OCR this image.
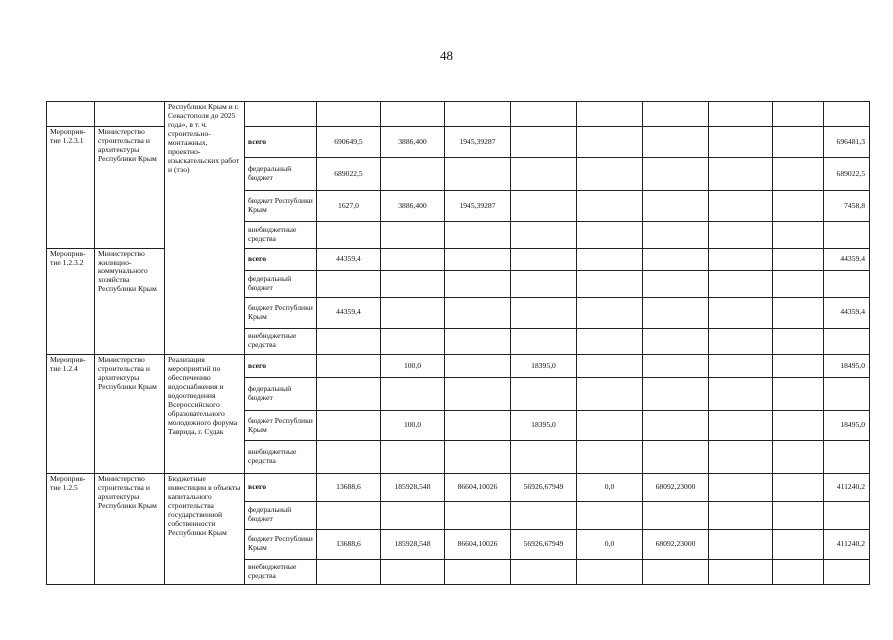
48
		Республики Крым и г. Севастополя до 2025 года», в т. ч. строительно- монтажных, проектно- изыскательских работ и (тэо)										
Мероприя- тие 1.2.3.1	Министерство строительства и архитектуры Республики Крым		всего	690649,5	3886,400	1945,39287						696481,3
			федеральный бюджет	689022,5								689022,5
			бюджет Республики Крым	1627,0	3886,400	1945,39287						7458,8
			внебюджетные средства									
Мероприя- тие 1.2.3.2	Министерство жилищно- коммунального хозяйства Республики Крым		всего	44359,4								44359,4
			федеральный бюджет									
			бюджет Республики Крым	44359,4								44359,4
			внебюджетные средства									
Мероприя- тие 1.2.4	Министерство строительства и архитектуры Республики Крым	Реализация мероприятий по обеспечению водоснабжения и водоотведения Всероссийского образовательного молодежного форума Таврида, г. Судак	всего		100,0		18395,0					18495,0
			федеральный бюджет									
			бюджет Республики Крым		100,0		18395,0					18495,0
			внебюджетные средства									
Мероприя- тие 1.2.5	Министерство строительства и архитектуры Республики Крым	Бюджетные инвестиции в объекты капитального строительства государственной собственности Республики Крым	всего	13688,6	185928,548	86604,10026	56926,67949	0,0	68092,23000			411240,2
			федеральный бюджет									
			бюджет Республики Крым	13688,6	185928,548	86604,10026	56926,67949	0,0	68092,23000			411240,2
			внебюджетные средства									
